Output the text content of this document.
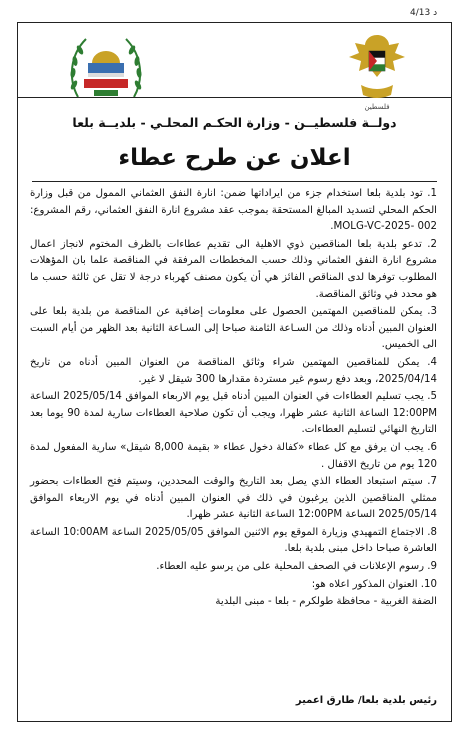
4/13 د
فلسطين
دولــة فلسطيــن - وزارة الحكـم المحلـي - بلديــة بلعا
اعلان عن طرح عطاء

1. تود بلدية بلعا استخدام جزء من ايراداتها ضمن: انارة النفق العثماني الممول من قبل وزارة الحكم المحلي لتسديد المبالغ المستحقة بموجب عقد مشروع انارة النفق العثماني، رقم المشروع: 002 -MOLG-VC-2025.

2. تدعو بلدية بلعا المناقصين ذوي الاهلية الى تقديم عطاءات بالظرف المختوم لانجاز اعمال مشروع انارة النفق العثماني وذلك حسب المخططات المرفقة في المناقصة علما بان المؤهلات المطلوب توفرها لدى المناقص الفائز هي أن يكون مصنف كهرباء درجة لا تقل عن ثالثة حسب ما هو محدد في وثائق المناقصة.

3. يمكن للمناقصين المهتمين الحصول على معلومات إضافية عن المناقصة من بلدية بلعا على العنوان المبين أدناه وذلك من السـاعة الثامنة صباحا إلى السـاعة الثانية بعد الظهر من أيام السبت الى الخميس.

4. يمكن للمناقصين المهتمين شراء وثائق المناقصة من العنوان المبين أدناه من تاريخ 2025/04/14، وبعد دفع رسوم غير مستردة مقدارها 300 شيقل لا غير.

5. يجب تسليم العطاءات في العنوان المبين أدناه قبل يوم الاربعاء الموافق 2025/05/14 الساعة 12:00PM الساعة الثانية عشر ظهرا، ويجب أن تكون صلاحية العطاءات سارية لمدة 90 يوما بعد التاريخ النهائي لتسليم العطاءات.

6. يجب ان يرفق مع كل عطاء «كفالة دخول عطاء « بقيمة 8,000 شيقل» سارية المفعول لمدة 120 يوم من تاريخ الاقفال .

7. سيتم استبعاد العطاء الذي يصل بعد التاريخ والوقت المحددين، وسيتم فتح العطاءات بحضور ممثلي المناقصين الذين يرغبون في ذلك في العنوان المبين أدناه في يوم الاربعاء الموافق 2025/05/14 الساعة 12:00PM الساعة الثانية عشر ظهرا.

8. الاجتماع التمهيدي وزيارة الموقع يوم الاثنين الموافق 2025/05/05 الساعة 10:00AM الساعة العاشرة صباحا داخل مبنى بلدية بلعا.

9. رسوم الإعلانات في الصحف المحلية على من يرسو عليه العطاء.

10. العنوان المذكور اعلاه هو:

الضفة الغربية - محافظة طولكرم - بلعا - مبنى البلدية

رئيس بلدية بلعا/ طارق اعمير
